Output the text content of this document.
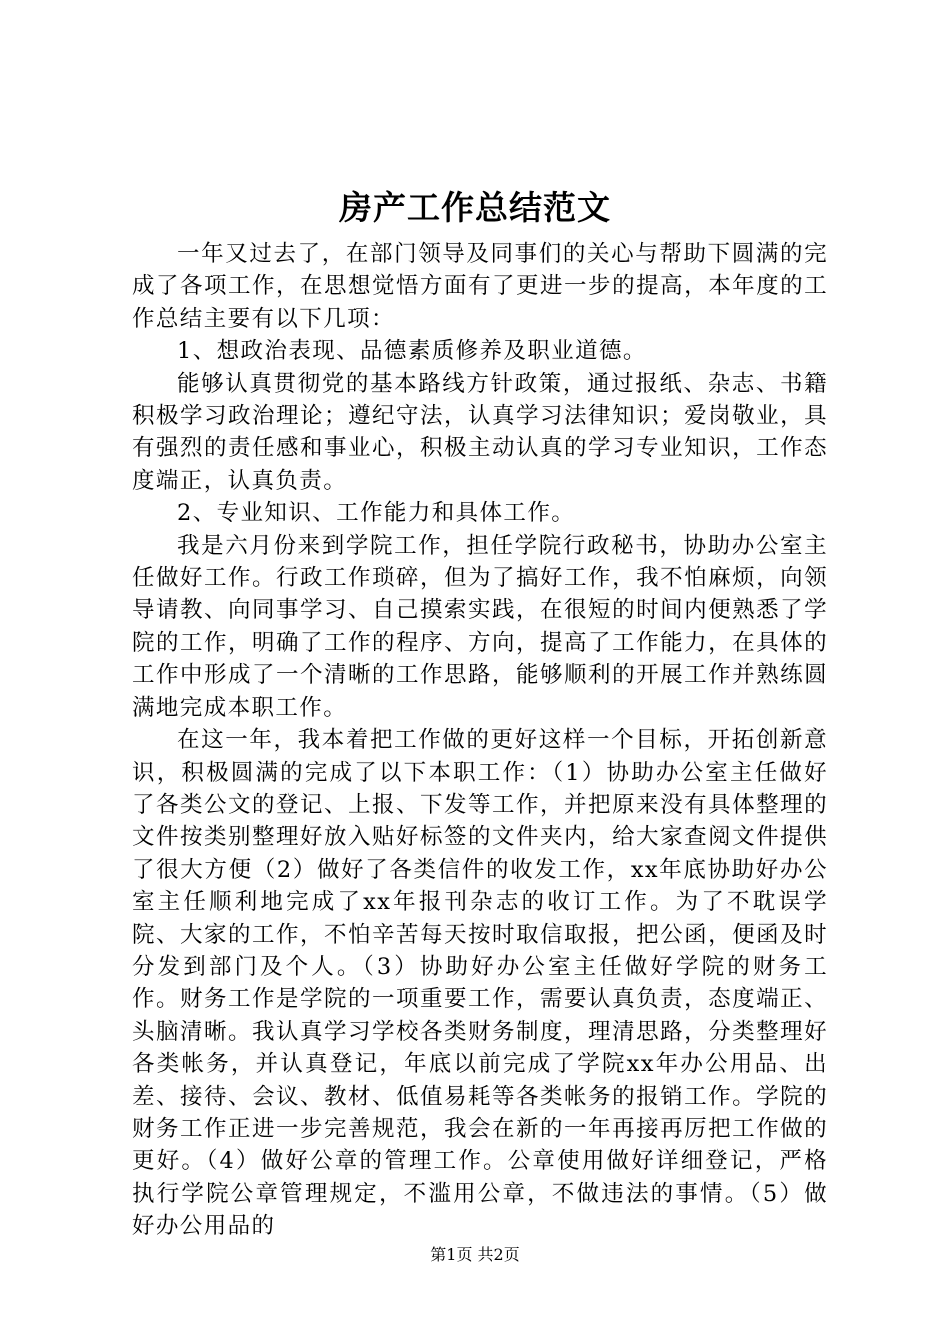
房产工作总结范文

一年又过去了，在部门领导及同事们的关心与帮助下圆满的完成了各项工作，在思想觉悟方面有了更进一步的提高，本年度的工作总结主要有以下几项：

1、想政治表现、品德素质修养及职业道德。

能够认真贯彻党的基本路线方针政策，通过报纸、杂志、书籍积极学习政治理论；遵纪守法，认真学习法律知识；爱岗敬业，具有强烈的责任感和事业心，积极主动认真的学习专业知识，工作态度端正，认真负责。

2、专业知识、工作能力和具体工作。

我是六月份来到学院工作，担任学院行政秘书，协助办公室主任做好工作。行政工作琐碎，但为了搞好工作，我不怕麻烦，向领导请教、向同事学习、自己摸索实践，在很短的时间内便熟悉了学院的工作，明确了工作的程序、方向，提高了工作能力，在具体的工作中形成了一个清晰的工作思路，能够顺利的开展工作并熟练圆满地完成本职工作。

在这一年，我本着把工作做的更好这样一个目标，开拓创新意识，积极圆满的完成了以下本职工作：（1）协助办公室主任做好了各类公文的登记、上报、下发等工作，并把原来没有具体整理的文件按类别整理好放入贴好标签的文件夹内，给大家查阅文件提供了很大方便（2）做好了各类信件的收发工作，xx年底协助好办公室主任顺利地完成了xx年报刊杂志的收订工作。为了不耽误学院、大家的工作，不怕辛苦每天按时取信取报，把公函，便函及时分发到部门及个人。（3）协助好办公室主任做好学院的财务工作。财务工作是学院的一项重要工作，需要认真负责，态度端正、头脑清晰。我认真学习学校各类财务制度，理清思路，分类整理好各类帐务，并认真登记，年底以前完成了学院xx年办公用品、出差、接待、会议、教材、低值易耗等各类帐务的报销工作。学院的财务工作正进一步完善规范，我会在新的一年再接再厉把工作做的更好。（4）做好公章的管理工作。公章使用做好详细登记，严格执行学院公章管理规定，不滥用公章，不做违法的事情。（5）做好办公用品的

第1页 共2页
